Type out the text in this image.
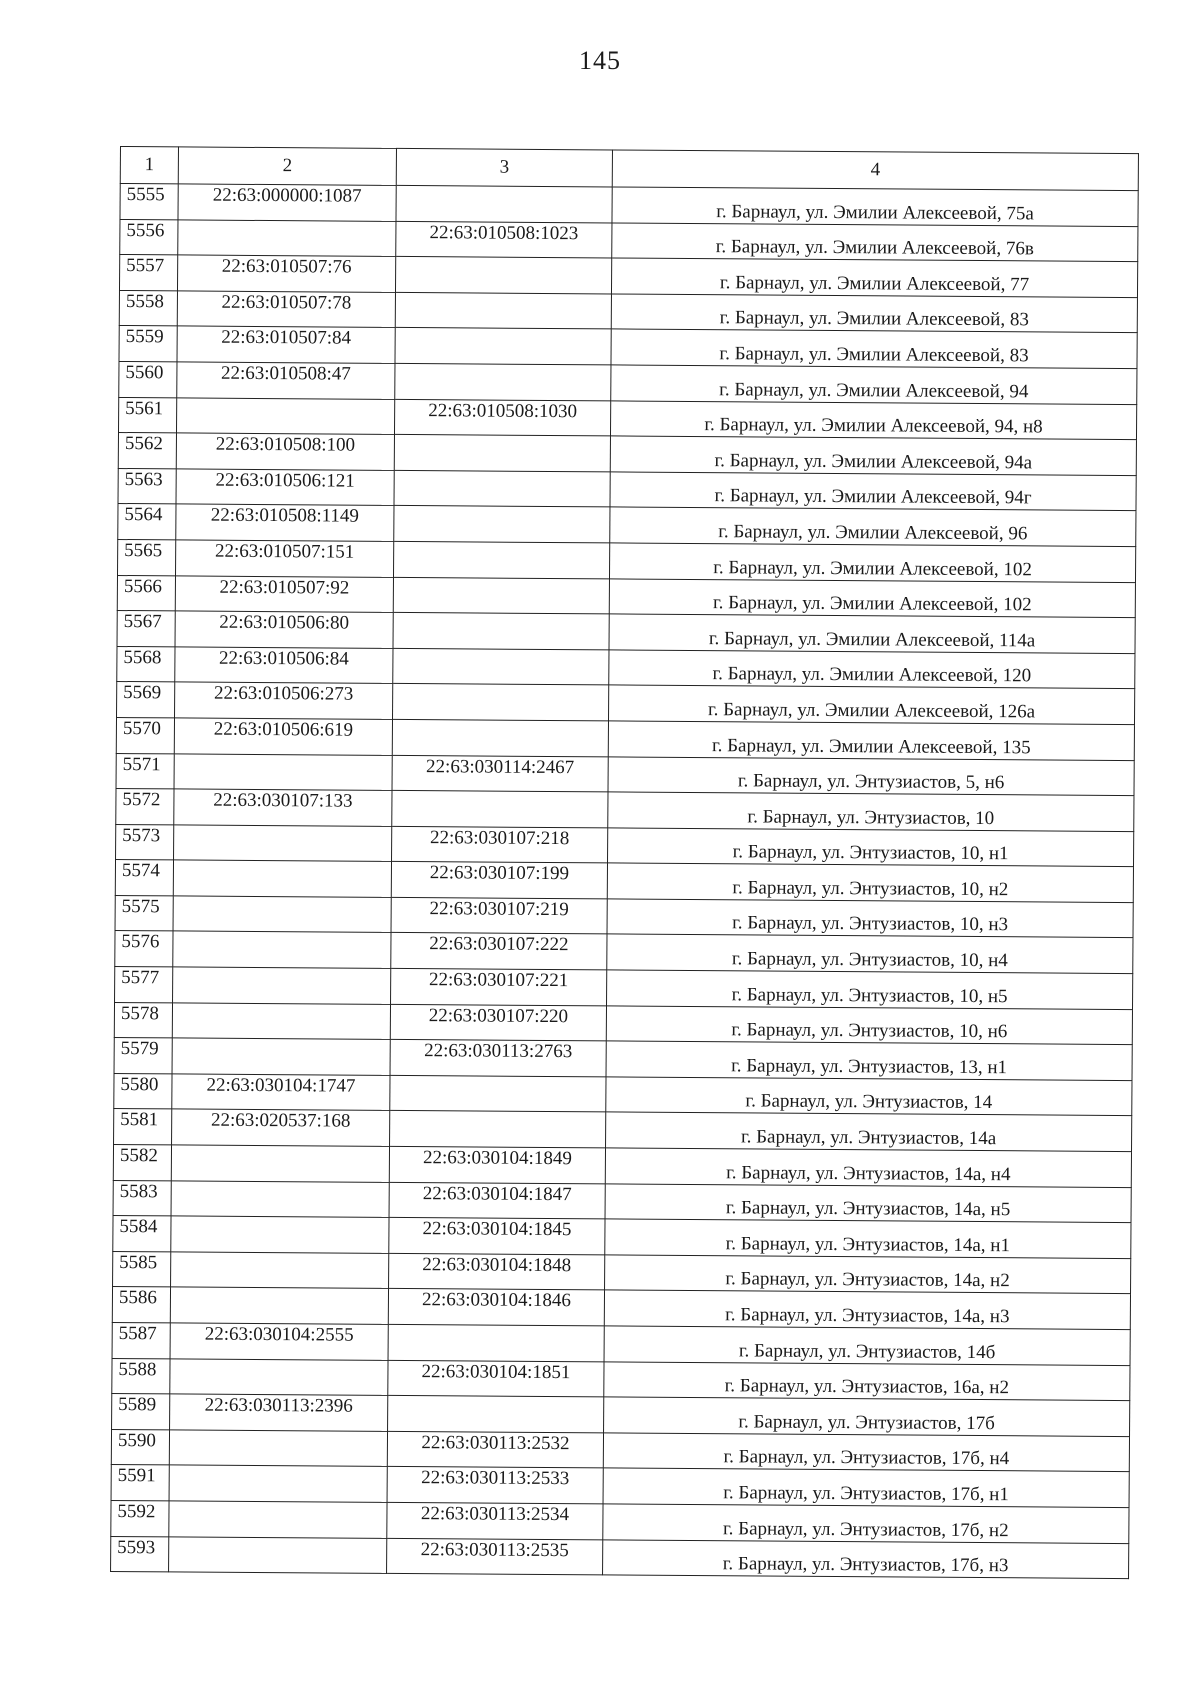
145
1	2	3	4
5555	22:63:000000:1087		г. Барнаул, ул. Эмилии Алексеевой, 75а
5556		22:63:010508:1023	г. Барнаул, ул. Эмилии Алексеевой, 76в
5557	22:63:010507:76		г. Барнаул, ул. Эмилии Алексеевой, 77
5558	22:63:010507:78		г. Барнаул, ул. Эмилии Алексеевой, 83
5559	22:63:010507:84		г. Барнаул, ул. Эмилии Алексеевой, 83
5560	22:63:010508:47		г. Барнаул, ул. Эмилии Алексеевой, 94
5561		22:63:010508:1030	г. Барнаул, ул. Эмилии Алексеевой, 94, н8
5562	22:63:010508:100		г. Барнаул, ул. Эмилии Алексеевой, 94а
5563	22:63:010506:121		г. Барнаул, ул. Эмилии Алексеевой, 94г
5564	22:63:010508:1149		г. Барнаул, ул. Эмилии Алексеевой, 96
5565	22:63:010507:151		г. Барнаул, ул. Эмилии Алексеевой, 102
5566	22:63:010507:92		г. Барнаул, ул. Эмилии Алексеевой, 102
5567	22:63:010506:80		г. Барнаул, ул. Эмилии Алексеевой, 114а
5568	22:63:010506:84		г. Барнаул, ул. Эмилии Алексеевой, 120
5569	22:63:010506:273		г. Барнаул, ул. Эмилии Алексеевой, 126а
5570	22:63:010506:619		г. Барнаул, ул. Эмилии Алексеевой, 135
5571		22:63:030114:2467	г. Барнаул, ул. Энтузиастов, 5, н6
5572	22:63:030107:133		г. Барнаул, ул. Энтузиастов, 10
5573		22:63:030107:218	г. Барнаул, ул. Энтузиастов, 10, н1
5574		22:63:030107:199	г. Барнаул, ул. Энтузиастов, 10, н2
5575		22:63:030107:219	г. Барнаул, ул. Энтузиастов, 10, н3
5576		22:63:030107:222	г. Барнаул, ул. Энтузиастов, 10, н4
5577		22:63:030107:221	г. Барнаул, ул. Энтузиастов, 10, н5
5578		22:63:030107:220	г. Барнаул, ул. Энтузиастов, 10, н6
5579		22:63:030113:2763	г. Барнаул, ул. Энтузиастов, 13, н1
5580	22:63:030104:1747		г. Барнаул, ул. Энтузиастов, 14
5581	22:63:020537:168		г. Барнаул, ул. Энтузиастов, 14а
5582		22:63:030104:1849	г. Барнаул, ул. Энтузиастов, 14а, н4
5583		22:63:030104:1847	г. Барнаул, ул. Энтузиастов, 14а, н5
5584		22:63:030104:1845	г. Барнаул, ул. Энтузиастов, 14а, н1
5585		22:63:030104:1848	г. Барнаул, ул. Энтузиастов, 14а, н2
5586		22:63:030104:1846	г. Барнаул, ул. Энтузиастов, 14а, н3
5587	22:63:030104:2555		г. Барнаул, ул. Энтузиастов, 14б
5588		22:63:030104:1851	г. Барнаул, ул. Энтузиастов, 16а, н2
5589	22:63:030113:2396		г. Барнаул, ул. Энтузиастов, 17б
5590		22:63:030113:2532	г. Барнаул, ул. Энтузиастов, 17б, н4
5591		22:63:030113:2533	г. Барнаул, ул. Энтузиастов, 17б, н1
5592		22:63:030113:2534	г. Барнаул, ул. Энтузиастов, 17б, н2
5593		22:63:030113:2535	г. Барнаул, ул. Энтузиастов, 17б, н3
